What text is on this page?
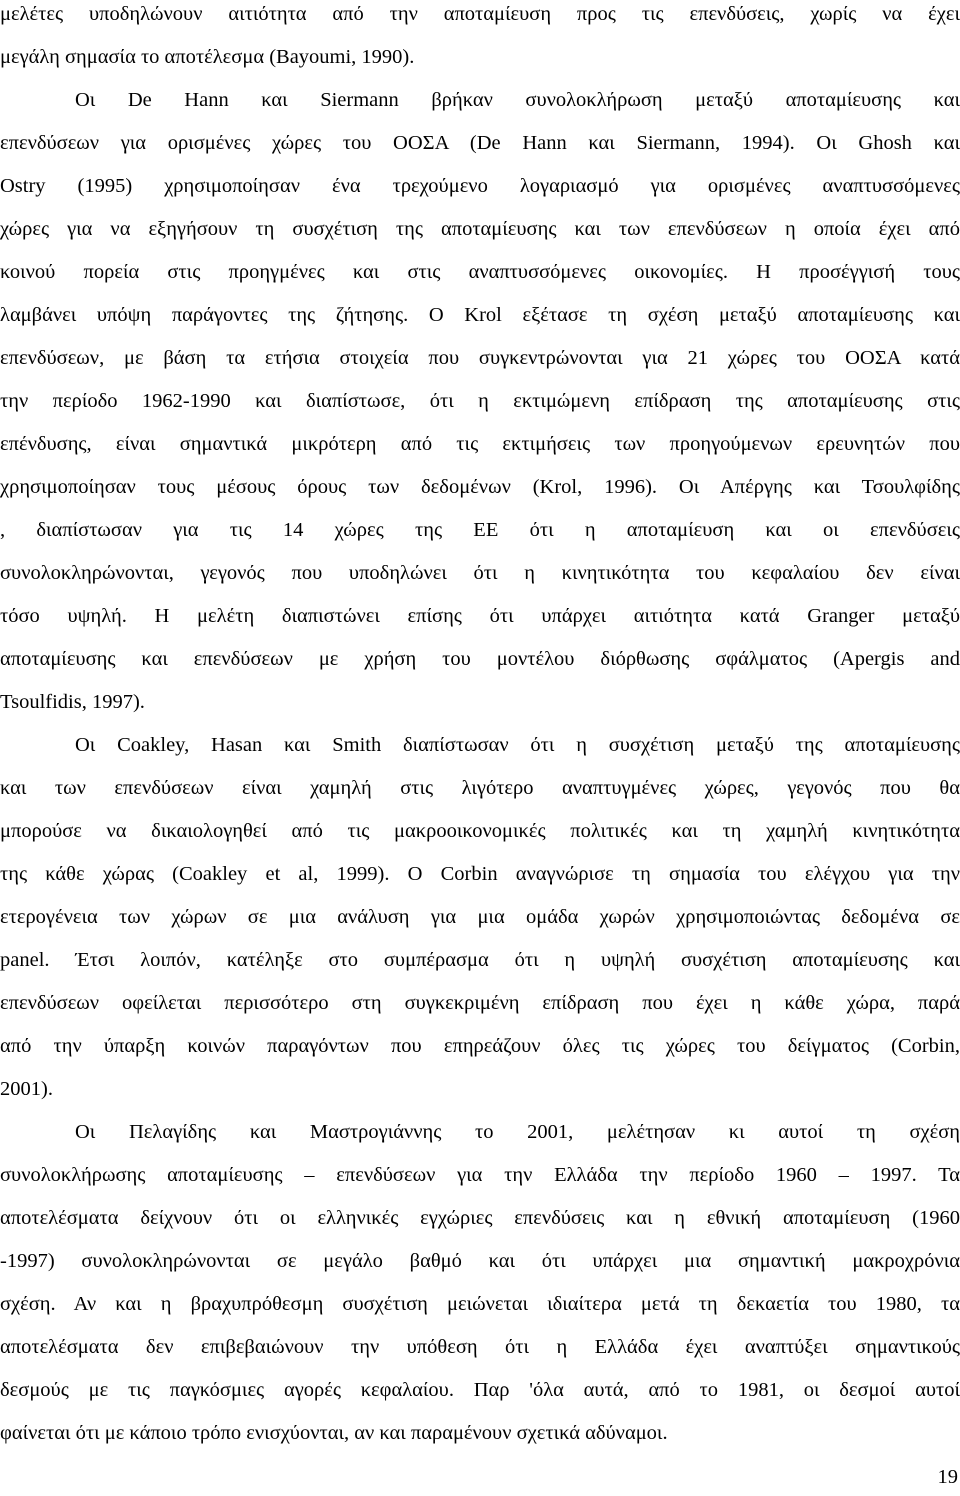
μελέτες υποδηλώνουν αιτιότητα από την αποταμίευση προς τις επενδύσεις, χωρίς να έχει
μεγάλη σημασία το αποτέλεσμα (Bayoumi, 1990).
Οι De Hann και Siermann βρήκαν συνολοκλήρωση μεταξύ αποταμίευσης και
επενδύσεων για ορισμένες χώρες του ΟΟΣΑ (De Hann και Siermann, 1994). Οι Ghosh και
Ostry (1995) χρησιμοποίησαν ένα τρεχούμενο λογαριασμό για ορισμένες αναπτυσσόμενες
χώρες για να εξηγήσουν τη συσχέτιση της αποταμίευσης και των επενδύσεων η οποία έχει από
κοινού πορεία στις προηγμένες και στις αναπτυσσόμενες οικονομίες. Η προσέγγισή τους
λαμβάνει υπόψη παράγοντες της ζήτησης. Ο Krol εξέτασε τη σχέση μεταξύ αποταμίευσης και
επενδύσεων, με βάση τα ετήσια στοιχεία που συγκεντρώνονται για 21 χώρες του ΟΟΣΑ κατά
την περίοδο 1962-1990 και διαπίστωσε, ότι η εκτιμώμενη επίδραση της αποταμίευσης στις
επένδυσης, είναι σημαντικά μικρότερη από τις εκτιμήσεις των προηγούμενων ερευνητών που
χρησιμοποίησαν τους μέσους όρους των δεδομένων (Krol, 1996). Οι Απέργης και Τσουλφίδης
, διαπίστωσαν για τις 14 χώρες της ΕΕ ότι η αποταμίευση και οι επενδύσεις
συνολοκληρώνονται, γεγονός που υποδηλώνει ότι η κινητικότητα του κεφαλαίου δεν είναι
τόσο υψηλή. Η μελέτη διαπιστώνει επίσης ότι υπάρχει αιτιότητα κατά Granger μεταξύ
αποταμίευσης και επενδύσεων με χρήση του μοντέλου διόρθωσης σφάλματος (Apergis and
Tsoulfidis, 1997).
Οι Coakley, Hasan και Smith διαπίστωσαν ότι η συσχέτιση μεταξύ της αποταμίευσης
και των επενδύσεων είναι χαμηλή στις λιγότερο αναπτυγμένες χώρες, γεγονός που θα
μπορούσε να δικαιολογηθεί από τις μακροοικονομικές πολιτικές και τη χαμηλή κινητικότητα
της κάθε χώρας (Coakley et al, 1999). Ο Corbin αναγνώρισε τη σημασία του ελέγχου για την
ετερογένεια των χώρων σε μια ανάλυση για μια ομάδα χωρών χρησιμοποιώντας δεδομένα σε
panel. Έτσι λοιπόν, κατέληξε στο συμπέρασμα ότι η υψηλή συσχέτιση αποταμίευσης και
επενδύσεων οφείλεται περισσότερο στη συγκεκριμένη επίδραση που έχει η κάθε χώρα, παρά
από την ύπαρξη κοινών παραγόντων που επηρεάζουν όλες τις χώρες του δείγματος (Corbin,
2001).
Οι Πελαγίδης και Μαστρογιάννης το 2001, μελέτησαν κι αυτοί τη σχέση
συνολοκλήρωσης αποταμίευσης – επενδύσεων για την Ελλάδα την περίοδο 1960 – 1997. Τα
αποτελέσματα δείχνουν ότι οι ελληνικές εγχώριες επενδύσεις και η εθνική αποταμίευση (1960
-1997) συνολοκληρώνονται σε μεγάλο βαθμό και ότι υπάρχει μια σημαντική μακροχρόνια
σχέση. Αν και η βραχυπρόθεσμη συσχέτιση μειώνεται ιδιαίτερα μετά τη δεκαετία του 1980, τα
αποτελέσματα δεν επιβεβαιώνουν την υπόθεση ότι η Ελλάδα έχει αναπτύξει σημαντικούς
δεσμούς με τις παγκόσμιες αγορές κεφαλαίου. Παρ 'όλα αυτά, από το 1981, οι δεσμοί αυτοί
φαίνεται ότι με κάποιο τρόπο ενισχύονται, αν και παραμένουν σχετικά αδύναμοι.
19
